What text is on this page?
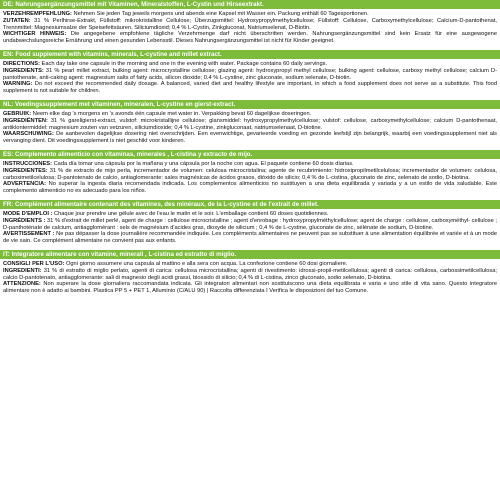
DE: Nahrungsergänzungsmittel mit Vitaminen, Mineralstoffen, L-Cystin und Hirseextrakt.

VERZEHREMPFEHLUNG: Nehmen Sie jeden Tag jeweils morgens und abends eine Kapsel mit Wasser ein. Packung enthält 60 Tagesportionen.

ZUTATEN: 31 % Perlhirse-Extrakt, Füllstoff: mikrokristalline Cellulose; Überzugsmittel: Hydroxypropylmethylcellulose; Füllstoff: Cellulose, Carboxymethylcellulose; Calcium-D-pantothenat, Trennmittel: Magnesiumsalze der Speisefettsäuren, Siliciumdioxid; 0,4 % L-Cystin, Zinkgluconat, Natriumselenat, D-Biotin.

WICHTIGER HINWEIS: Die angegebene empfohlene tägliche Verzehrmenge darf nicht überschritten werden. Nahrungsergänzungsmittel sind kein Ersatz für eine ausgewogene undabwechslungsreiche Ernährung und einen gesunden Lebensstil. Dieses Nahrungsergänzungsmittel ist nicht für Kinder geeignet.

EN: Food supplement with vitamins, minerals, L-cystine and millet extract.

DIRECTIONS: Each day take one capsule in the morning and one in the evening with water. Package contains 60 daily servings.

INGREDIENTS: 31 % pearl millet extract, bulking agent: microcrystalline cellulose; glazing agent: hydroxypropyl methyl cellulose; bulking agent: cellulose, carboxy methyl cellulose; calcium D-pantothenate, anti-caking agent: magnesium salts of fatty acids, silicon dioxide; 0.4 % L-cystine, zinc gluconate, sodium selenate, D-biotin.

WARNING: Do not exceed the recommended daily dosage. A balanced, varied diet and healthy lifestyle are important, in which a food supplement does not serve as a substitute. This food supplement is not suitable for children.

NL: Voedingssupplement met vitaminen, mineralen, L-cystine en gierst-extract.

GEBRUIK: Neem elke dag 's morgens en 's avonds één capsule met water in. Verpakking bevat 60 dagelijkse doseringen.

INGREDIËNTEN: 31 % gareligierst-extract, vulstof: microkristallijne cellulose; glansmiddel: hydroxypropylmethylcellulose; vulstof: cellulose, carboxymethylcellulose; calcium D-pantothenaat, antiklontermiddel: magnesium zouten van vetzuren, siliciumdioxide; 0,4 % L-cystine, zinkgluconaat, natriumselenaat, D-biotine.

WAARSCHUWING: De aanbevolen dagelijkse dosering niet overschrijden. Een evenwichtige, gevarieerde voeding en gezonde leefstijl zijn belangrijk, waarbij een voedingssupplement niet als vervanging dient. Dit voedingssupplement is niet geschikt voor kinderen.

ES: Complemento alimenticio con vitaminas, minerales , L-cistina y extracto de mijo.

INSTRUCCIONES: Cada día tomar una cápsula por la mañana y una cápsula por la noche con agua. El paquete contiene 60 dosis diarias.

INGREDIENTES: 31 % de extracto de mijo perla, incrementador de volumen: celulosa microcristalina; agente de recubrimiento: hidroxipropilmetilcelulosa; incrementador de volumen: celulosa, carboximetilcelulosa; D-pantotenato de calcio, antiaglomerante: sales magnésicas de ácidos grasos, dióxido de silicio; 0,4 % de L-cistina, gluconato de zinc, selenato de sodio, D-biotina.

ADVERTENCIA: No superar la ingesta diaria recomendada indicada. Los complementos alimenticios no sustituyen a una dieta equilibrada y variada y a un estilo de vida saludable. Este complemento alimenticio no es adecuado para los niños.

FR: Complément alimentaire contenant des vitamines, des minéraux, de la L-cystine et de l'extrait de millet.

MODE D'EMPLOI : Chaque jour prendre une gélule avec de l'eau le matin et le soir. L'emballage contient 60 doses quotidiennes.

INGRÉDIENTS : 31 % d'extrait de millet perlé, agent de charge : cellulose microcristalline ; agent d'enrobage : hydroxypropylméthylcellulose; agent de charge : cellulose, carboxyméthyl- cellulose ; D-panthoténate de calcium, antiagglomérant : sels de magnésium d'acides gras, dioxyde de silicium ; 0,4 % de L-cystine, gluconate de zinc, sélénate de sodium, D-biotine.

AVERTISSEMENT : Ne pas dépasser la dose journalière recommandée indiquée. Les compléments alimentaires ne peuvent pas se substituer à une alimentation équilibrée et variée et à un mode de vie sain. Ce complément alimentaire ne convient pas aux enfants.

IT: Integratore alimentare con vitamine, minerali , L-cistina ed estratto di miglio.

CONSIGLI PER L'USO: Ogni giorno assumere una capsula al mattino e alla sera con acqua. La confezione contiene 60 dosi giornaliere.

INGREDIENTI: 31 % di estratto di miglio perlato, agenti di carica: cellulosa microcristallina; agenti di rivestimento: idrossi-propil-metilcellulosa; agenti di carica: cellulosa, carbossimetilcellulosa; calcio D-pantotenato, antiagglomerante: sali di magnesio degli acidi grassi, biossido di silicio; 0,4 % di L-cistina, zinco gluconato, sodio selenato, D-biotina.

ATTENZIONE: Non superare la dose giornaliera raccomandata indicata. Gli integratori alimentari non sostituiscono una dieta equilibrata e varia e uno stile di vita sano. Questo integratore alimentare non è adatto ai bambini. Plastica PP 5 + PET 1, Alluminio (C/ALU 90) | Raccolta differenziata I Verifica le disposizioni del tuo Comune.
